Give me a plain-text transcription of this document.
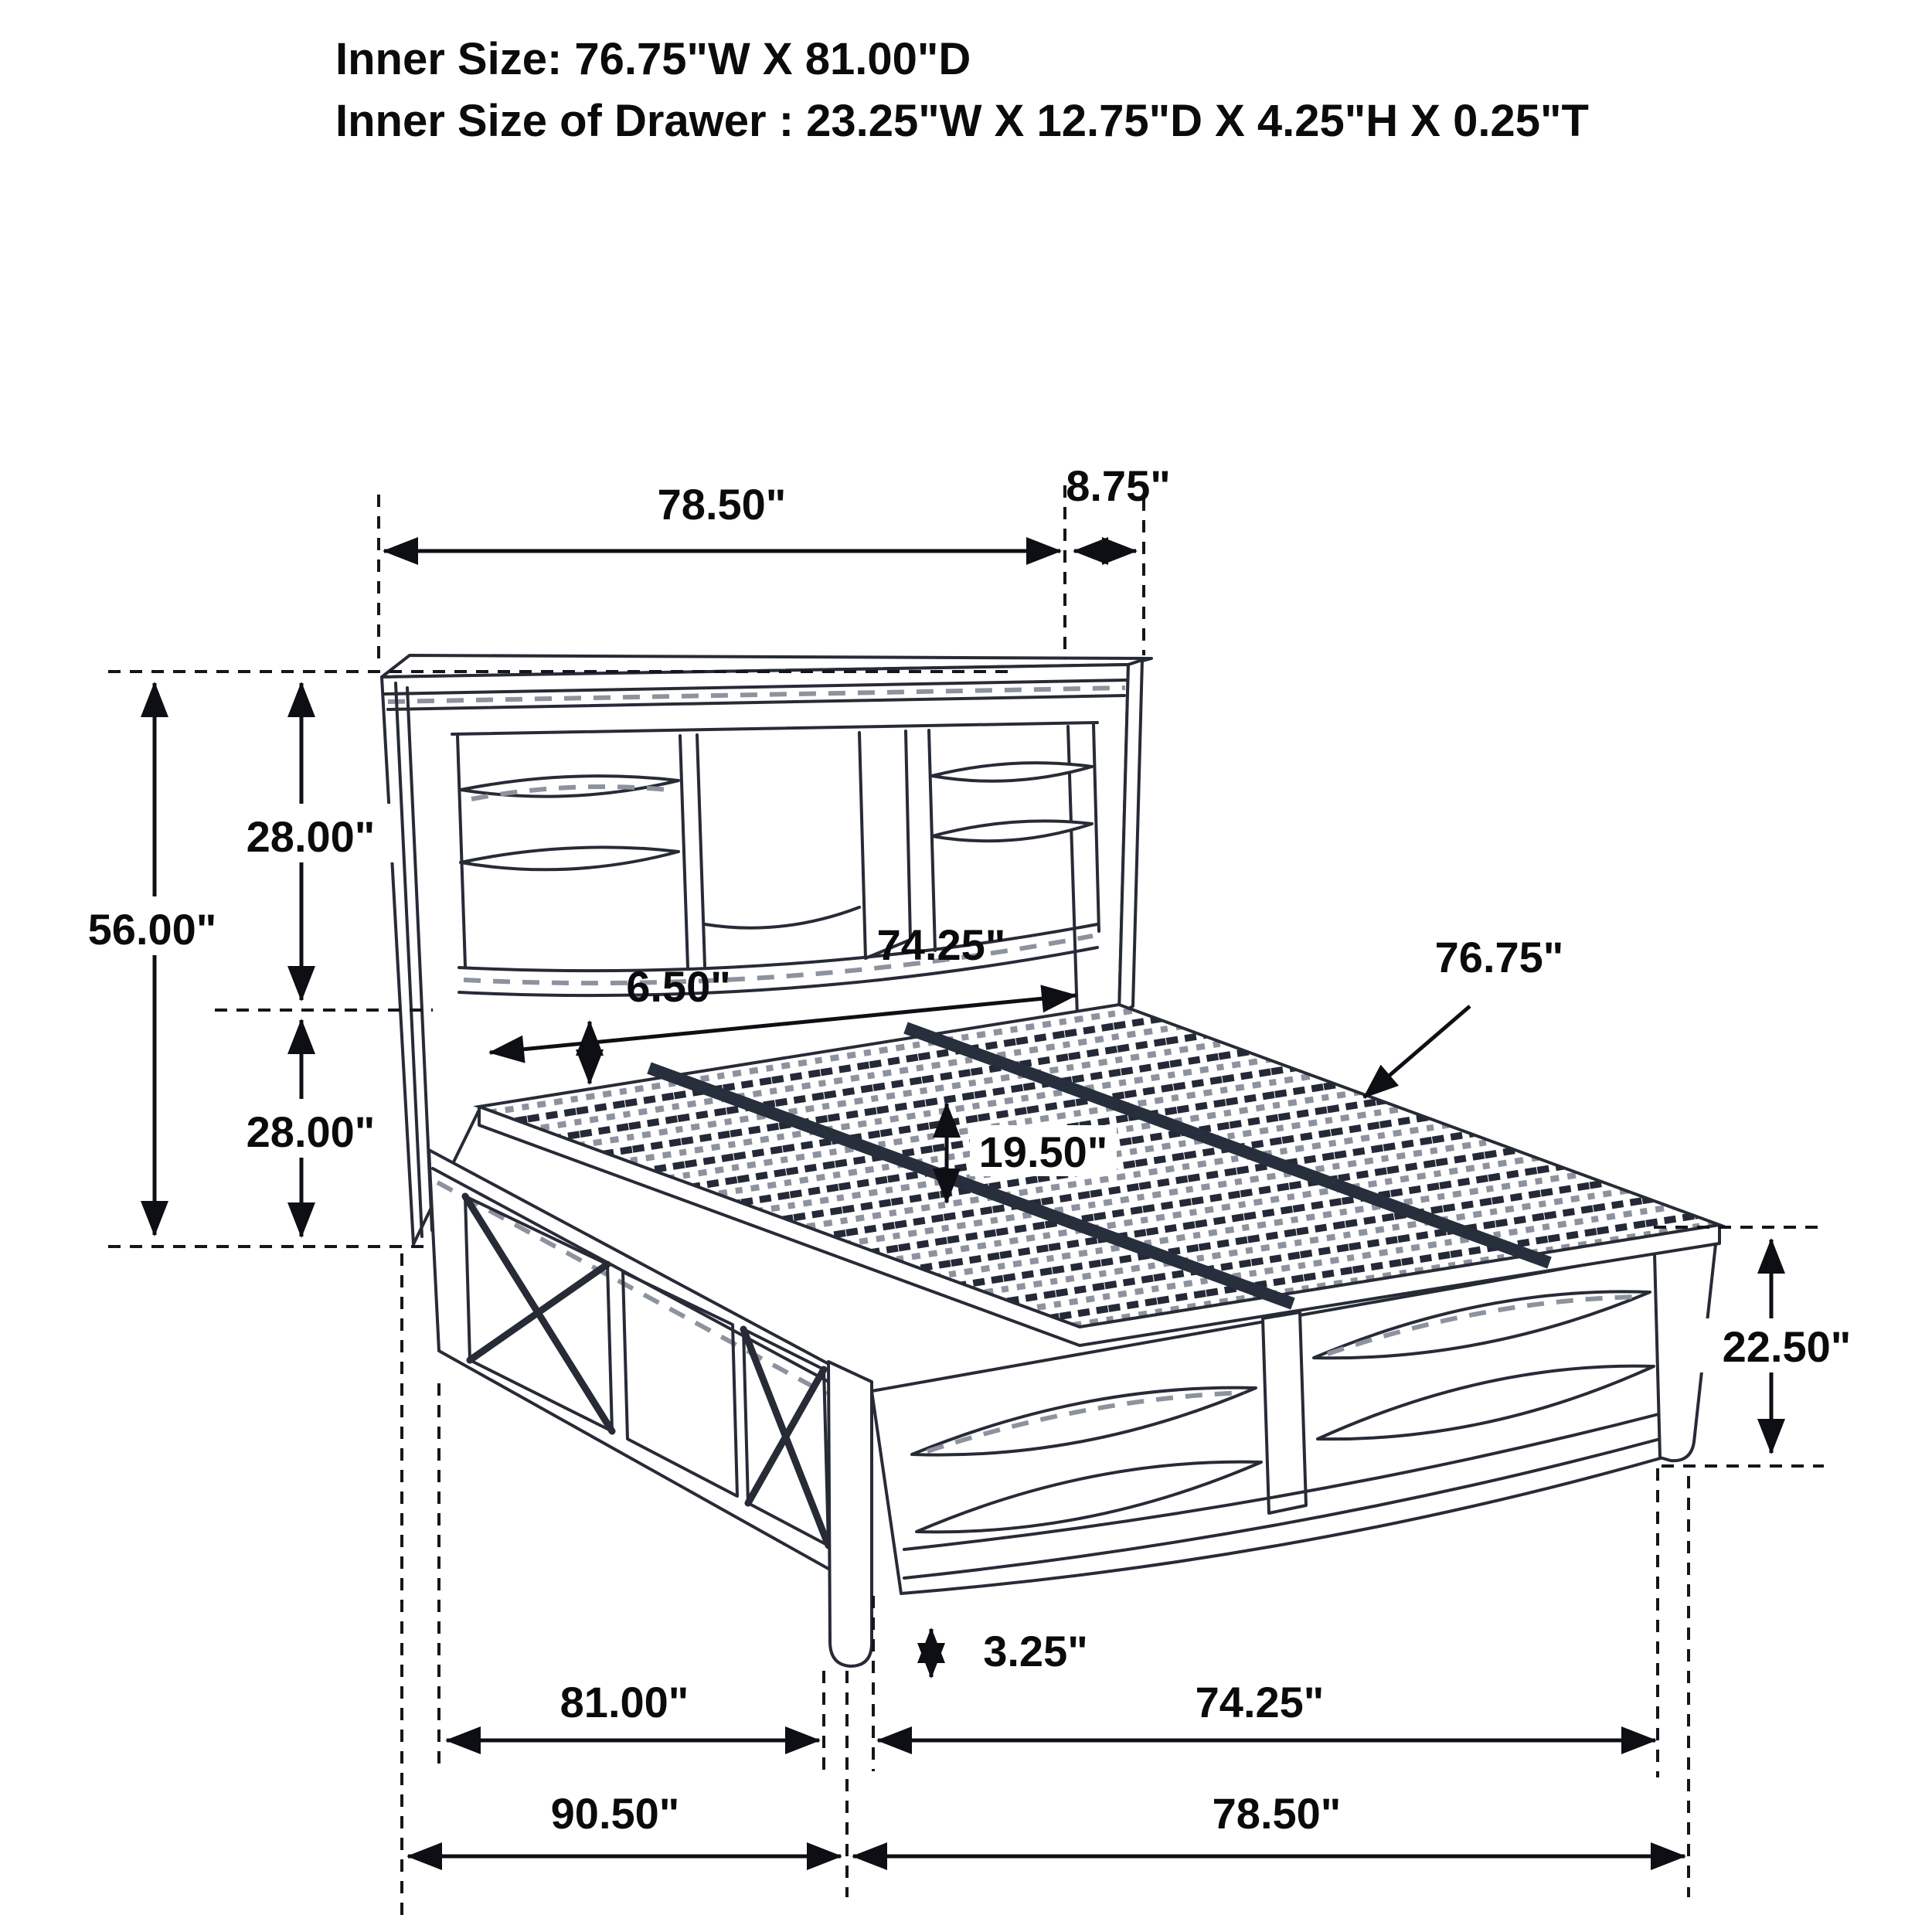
Inner Size: 76.75"W X 81.00"D
Inner Size of Drawer : 23.25"W X 12.75"D X 4.25"H X 0.25"T
78.50"	8.75"
56.00"
28.00"
28.00"
6.50"
74.25"	76.75"
19.50"
22.50"
3.25"
81.00"	74.25"
90.50"	78.50"
